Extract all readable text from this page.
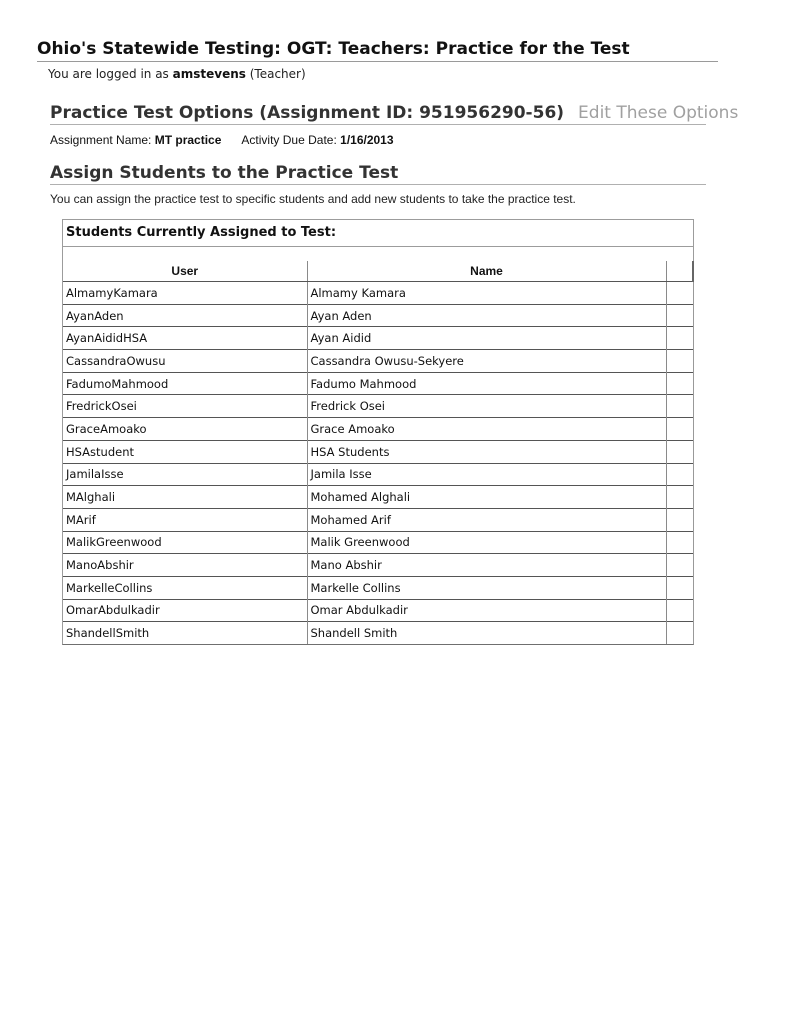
Ohio's Statewide Testing: OGT: Teachers: Practice for the Test
You are logged in as amstevens (Teacher)
Practice Test Options (Assignment ID: 951956290-56) Edit These Options
Assignment Name: MT practice Activity Due Date: 1/16/2013
Assign Students to the Practice Test
You can assign the practice test to specific students and add new students to take the practice test.
Students Currently Assigned to Test:
User	Name	
AlmamyKamara	Almamy Kamara	
AyanAden	Ayan Aden	
AyanAididHSA	Ayan Aidid	
CassandraOwusu	Cassandra Owusu-Sekyere	
FadumoMahmood	Fadumo Mahmood	
FredrickOsei	Fredrick Osei	
GraceAmoako	Grace Amoako	
HSAstudent	HSA Students	
JamilaIsse	Jamila Isse	
MAlghali	Mohamed Alghali	
MArif	Mohamed Arif	
MalikGreenwood	Malik Greenwood	
ManoAbshir	Mano Abshir	
MarkelleCollins	Markelle Collins	
OmarAbdulkadir	Omar Abdulkadir	
ShandellSmith	Shandell Smith	
